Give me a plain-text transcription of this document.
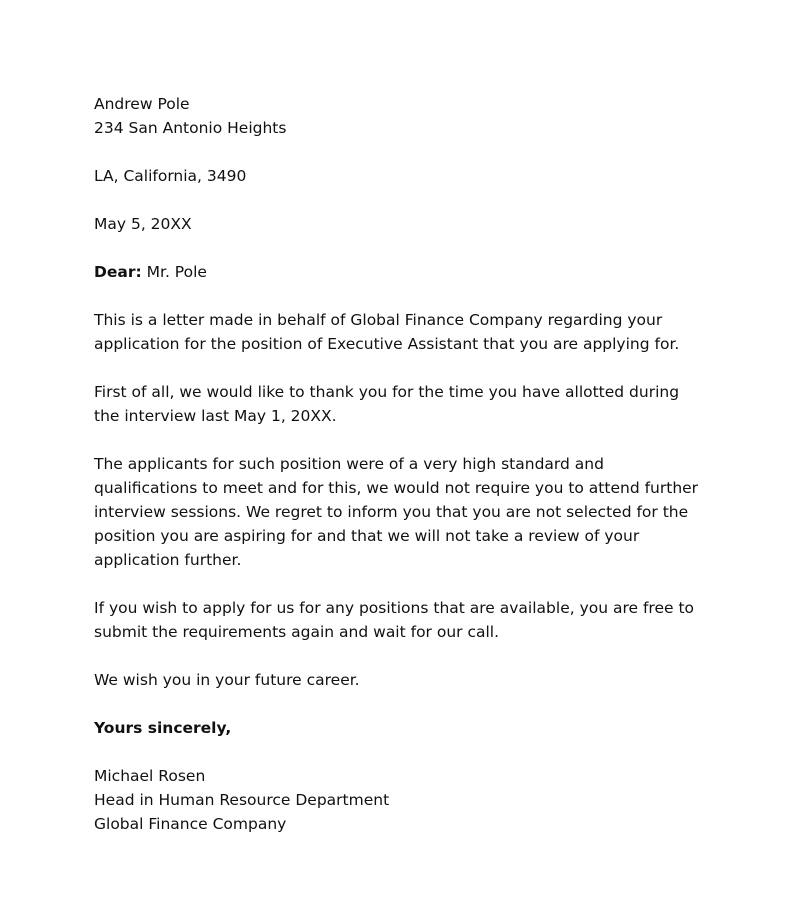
Andrew Pole
234 San Antonio Heights
LA, California, 3490
May 5, 20XX
Dear: Mr. Pole
This is a letter made in behalf of Global Finance Company regarding your
application for the position of Executive Assistant that you are applying for.
First of all, we would like to thank you for the time you have allotted during
the interview last May 1, 20XX.
The applicants for such position were of a very high standard and
qualifications to meet and for this, we would not require you to attend further
interview sessions. We regret to inform you that you are not selected for the
position you are aspiring for and that we will not take a review of your
application further.
If you wish to apply for us for any positions that are available, you are free to
submit the requirements again and wait for our call.
We wish you in your future career.
Yours sincerely,
Michael Rosen
Head in Human Resource Department
Global Finance Company
